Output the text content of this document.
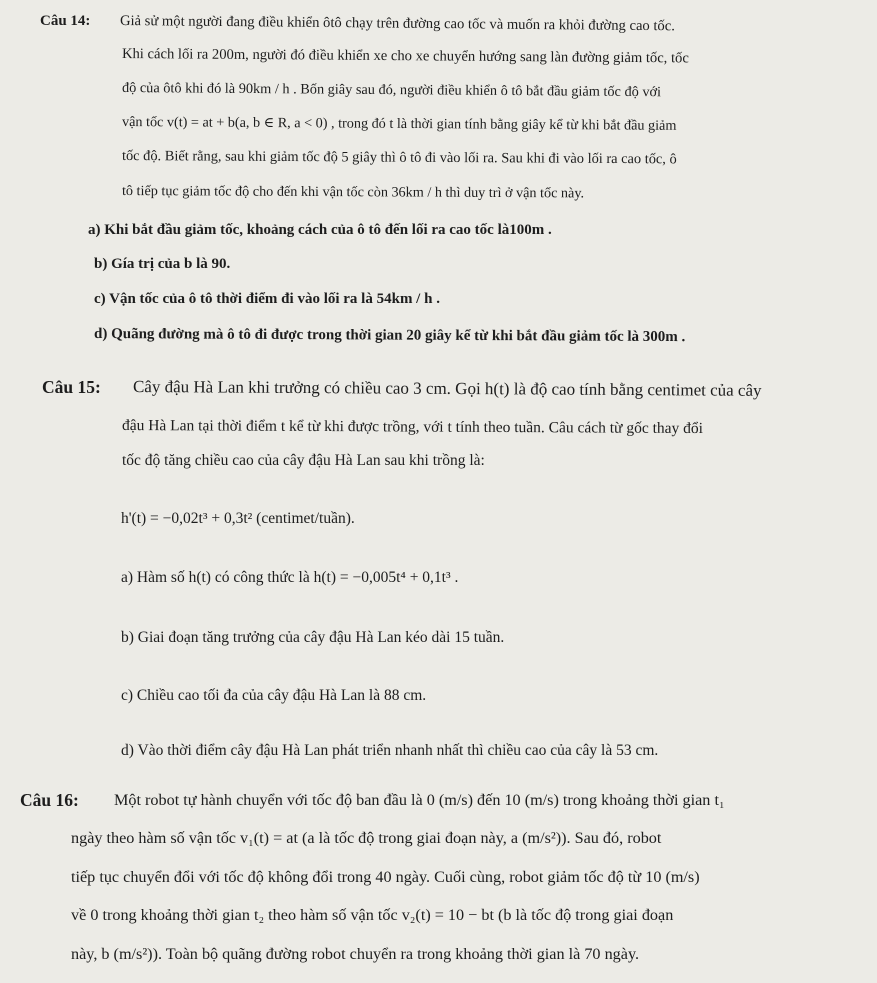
Câu 14: Giả sử một người đang điều khiển ôtô chạy trên đường cao tốc và muốn ra khỏi đường cao tốc.
Khi cách lối ra 200m, người đó điều khiển xe cho xe chuyển hướng sang làn đường giảm tốc, tốc
độ của ôtô khi đó là 90km / h . Bốn giây sau đó, người điều khiển ô tô bắt đầu giảm tốc độ với
vận tốc v(t) = at + b(a, b ∈ R, a < 0) , trong đó t là thời gian tính bằng giây kể từ khi bắt đầu giảm
tốc độ. Biết rằng, sau khi giảm tốc độ 5 giây thì ô tô đi vào lối ra. Sau khi đi vào lối ra cao tốc, ô
tô tiếp tục giảm tốc độ cho đến khi vận tốc còn 36km / h thì duy trì ở vận tốc này.
a) Khi bắt đầu giảm tốc, khoảng cách của ô tô đến lối ra cao tốc là100m .
b) Gía trị của b là 90.
c) Vận tốc của ô tô thời điểm đi vào lối ra là 54km / h .
d) Quãng đường mà ô tô đi được trong thời gian 20 giây kể từ khi bắt đầu giảm tốc là 300m .
Câu 15: Cây đậu Hà Lan khi trưởng có chiều cao 3 cm. Gọi h(t) là độ cao tính bằng centimet của cây
đậu Hà Lan tại thời điểm t kể từ khi được trồng, với t tính theo tuần. Câu cách từ gốc thay đổi
tốc độ tăng chiều cao của cây đậu Hà Lan sau khi trồng là:
h'(t) = −0,02t³ + 0,3t² (centimet/tuần).
a) Hàm số h(t) có công thức là h(t) = −0,005t⁴ + 0,1t³ .
b) Giai đoạn tăng trưởng của cây đậu Hà Lan kéo dài 15 tuần.
c) Chiều cao tối đa của cây đậu Hà Lan là 88 cm.
d) Vào thời điểm cây đậu Hà Lan phát triển nhanh nhất thì chiều cao của cây là 53 cm.
Câu 16: Một robot tự hành chuyển với tốc độ ban đầu là 0 (m/s) đến 10 (m/s) trong khoảng thời gian t₁
ngày theo hàm số vận tốc v₁(t) = at (a là tốc độ trong giai đoạn này, a (m/s²)). Sau đó, robot
tiếp tục chuyển đổi với tốc độ không đổi trong 40 ngày. Cuối cùng, robot giảm tốc độ từ 10 (m/s)
về 0 trong khoảng thời gian t₂ theo hàm số vận tốc v₂(t) = 10 − bt (b là tốc độ trong giai đoạn
này, b (m/s²)). Toàn bộ quãng đường robot chuyển ra trong khoảng thời gian là 70 ngày.
